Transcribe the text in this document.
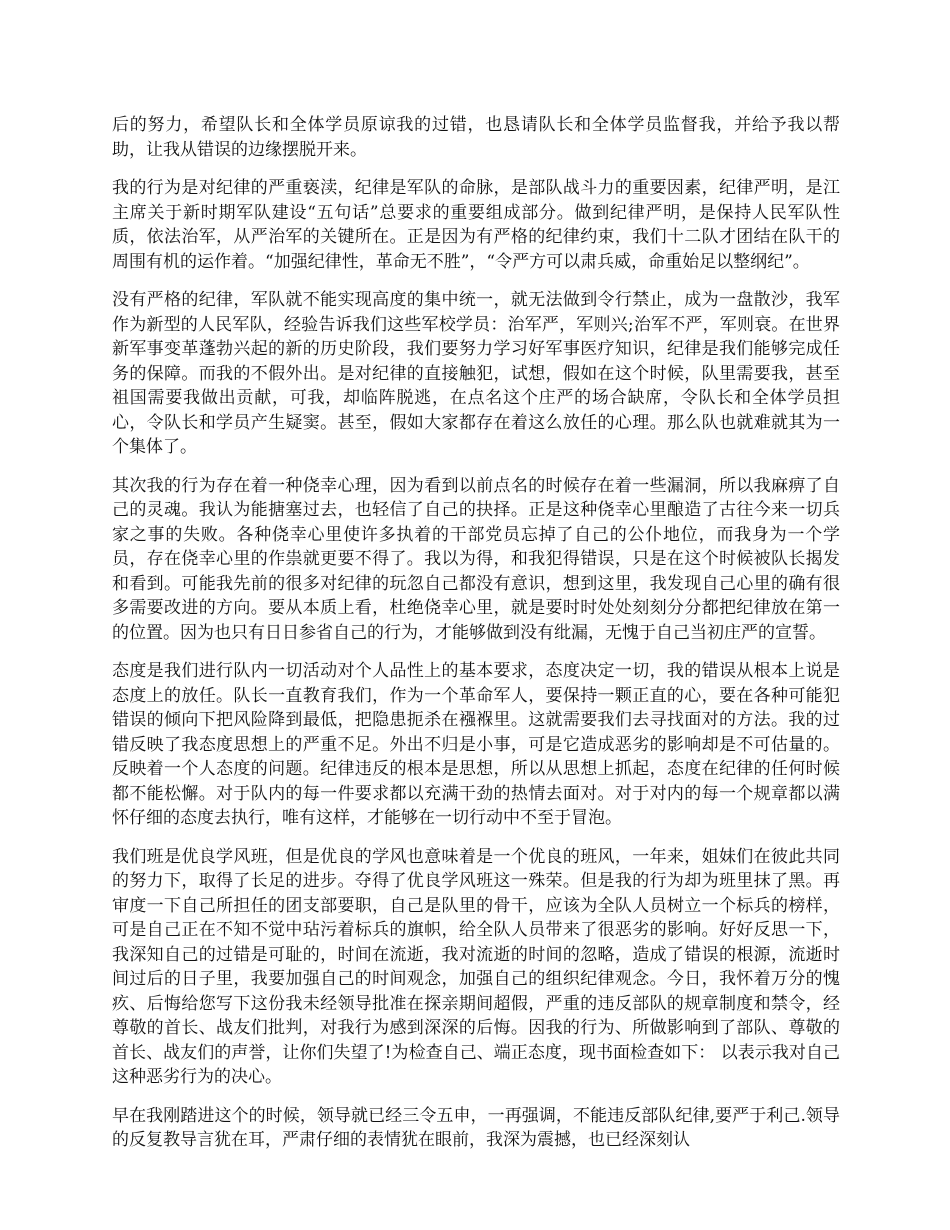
后的努力，希望队长和全体学员原谅我的过错，也恳请队长和全体学员监督我，并给予我以帮助，让我从错误的边缘摆脱开来。

我的行为是对纪律的严重亵渎，纪律是军队的命脉，是部队战斗力的重要因素，纪律严明，是江主席关于新时期军队建设“五句话”总要求的重要组成部分。做到纪律严明，是保持人民军队性质，依法治军，从严治军的关键所在。正是因为有严格的纪律约束，我们十二队才团结在队干的周围有机的运作着。“加强纪律性，革命无不胜”，“令严方可以肃兵威，命重始足以整纲纪”。

没有严格的纪律，军队就不能实现高度的集中统一，就无法做到令行禁止，成为一盘散沙，我军作为新型的人民军队，经验告诉我们这些军校学员：治军严，军则兴;治军不严，军则衰。在世界新军事变革蓬勃兴起的新的历史阶段，我们要努力学习好军事医疗知识，纪律是我们能够完成任务的保障。而我的不假外出。是对纪律的直接触犯，试想，假如在这个时候，队里需要我，甚至祖国需要我做出贡献，可我，却临阵脱逃，在点名这个庄严的场合缺席，令队长和全体学员担心，令队长和学员产生疑窦。甚至，假如大家都存在着这么放任的心理。那么队也就难就其为一个集体了。

其次我的行为存在着一种侥幸心理，因为看到以前点名的时候存在着一些漏洞，所以我麻痹了自己的灵魂。我认为能搪塞过去，也轻信了自己的抉择。正是这种侥幸心里酿造了古往今来一切兵家之事的失败。各种侥幸心里使许多执着的干部党员忘掉了自己的公仆地位，而我身为一个学员，存在侥幸心里的作祟就更要不得了。我以为得，和我犯得错误，只是在这个时候被队长揭发和看到。可能我先前的很多对纪律的玩忽自己都没有意识，想到这里，我发现自己心里的确有很多需要改进的方向。要从本质上看，杜绝侥幸心里，就是要时时处处刻刻分分都把纪律放在第一的位置。因为也只有日日参省自己的行为，才能够做到没有纰漏，无愧于自己当初庄严的宣誓。

态度是我们进行队内一切活动对个人品性上的基本要求，态度决定一切，我的错误从根本上说是态度上的放任。队长一直教育我们，作为一个革命军人，要保持一颗正直的心，要在各种可能犯错误的倾向下把风险降到最低，把隐患扼杀在襁褓里。这就需要我们去寻找面对的方法。我的过错反映了我态度思想上的严重不足。外出不归是小事，可是它造成恶劣的影响却是不可估量的。反映着一个人态度的问题。纪律违反的根本是思想，所以从思想上抓起，态度在纪律的任何时候都不能松懈。对于队内的每一件要求都以充满干劲的热情去面对。对于对内的每一个规章都以满怀仔细的态度去执行，唯有这样，才能够在一切行动中不至于冒泡。

我们班是优良学风班，但是优良的学风也意味着是一个优良的班风，一年来，姐妹们在彼此共同的努力下，取得了长足的进步。夺得了优良学风班这一殊荣。但是我的行为却为班里抹了黑。再审度一下自己所担任的团支部要职，自己是队里的骨干，应该为全队人员树立一个标兵的榜样，可是自己正在不知不觉中玷污着标兵的旗帜，给全队人员带来了很恶劣的影响。好好反思一下，我深知自己的过错是可耻的，时间在流逝，我对流逝的时间的忽略，造成了错误的根源，流逝时间过后的日子里，我要加强自己的时间观念，加强自己的组织纪律观念。今日，我怀着万分的愧疚、后悔给您写下这份我未经领导批准在探亲期间超假，严重的违反部队的规章制度和禁令，经尊敬的首长、战友们批判，对我行为感到深深的后悔。因我的行为、所做影响到了部队、尊敬的首长、战友们的声誉，让你们失望了!为检查自己、端正态度，现书面检查如下： 以表示我对自己这种恶劣行为的决心。

早在我刚踏进这个的时候，领导就已经三令五申，一再强调，不能违反部队纪律,要严于利己.领导的反复教导言犹在耳，严肃仔细的表情犹在眼前，我深为震撼，也已经深刻认
